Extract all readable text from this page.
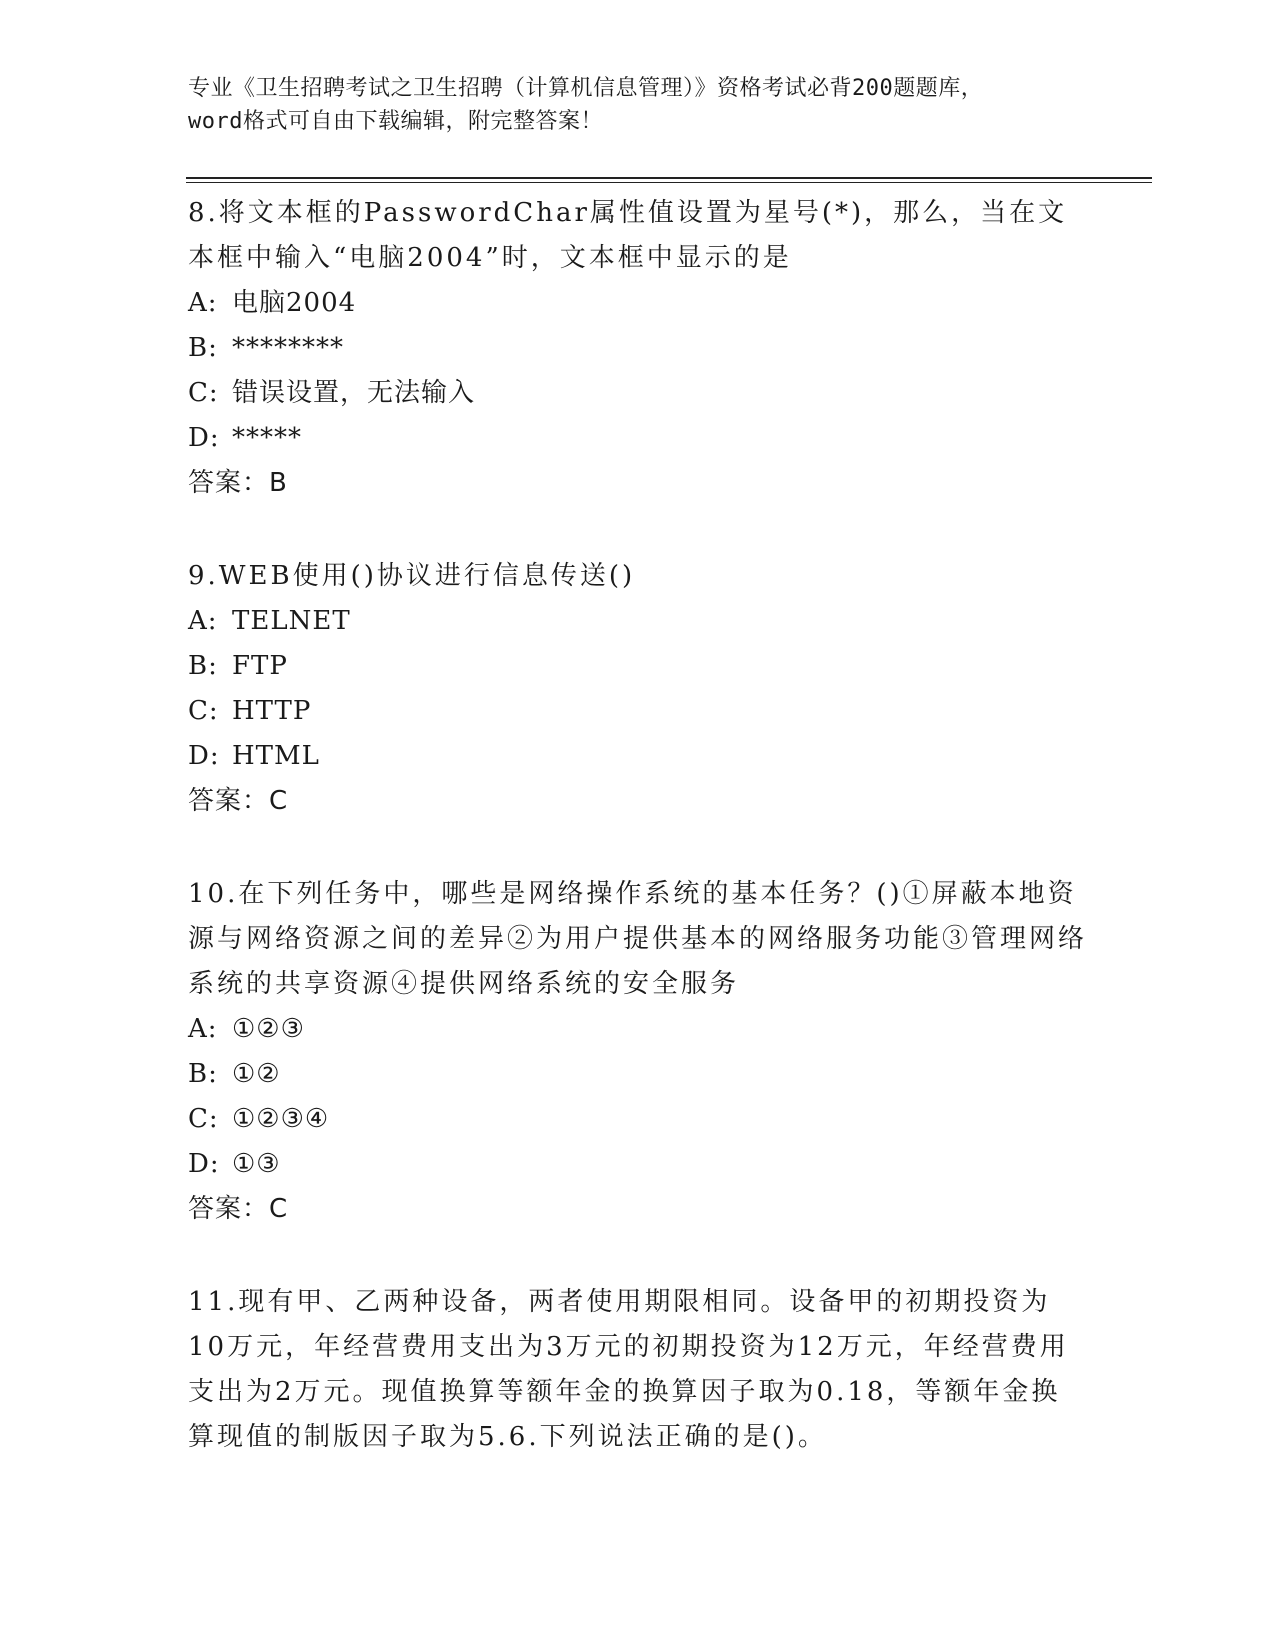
专业《卫生招聘考试之卫生招聘（计算机信息管理）》资格考试必背200题题库，
word格式可自由下载编辑，附完整答案！

8.将文本框的PasswordChar属性值设置为星号(*)，那么，当在文本框中输入“电脑2004”时，文本框中显示的是

A: 电脑2004

B: ********

C: 错误设置，无法输入

D: *****

答案：B

9.WEB使用()协议进行信息传送()

A: TELNET

B: FTP

C: HTTP

D: HTML

答案：C

10.在下列任务中，哪些是网络操作系统的基本任务？()①屏蔽本地资源与网络资源之间的差异②为用户提供基本的网络服务功能③管理网络系统的共享资源④提供网络系统的安全服务

A: ①②③

B: ①②

C: ①②③④

D: ①③

答案：C

11.现有甲、乙两种设备，两者使用期限相同。设备甲的初期投资为10万元，年经营费用支出为3万元的初期投资为12万元，年经营费用支出为2万元。现值换算等额年金的换算因子取为0.18，等额年金换算现值的制版因子取为5.6.下列说法正确的是()。
